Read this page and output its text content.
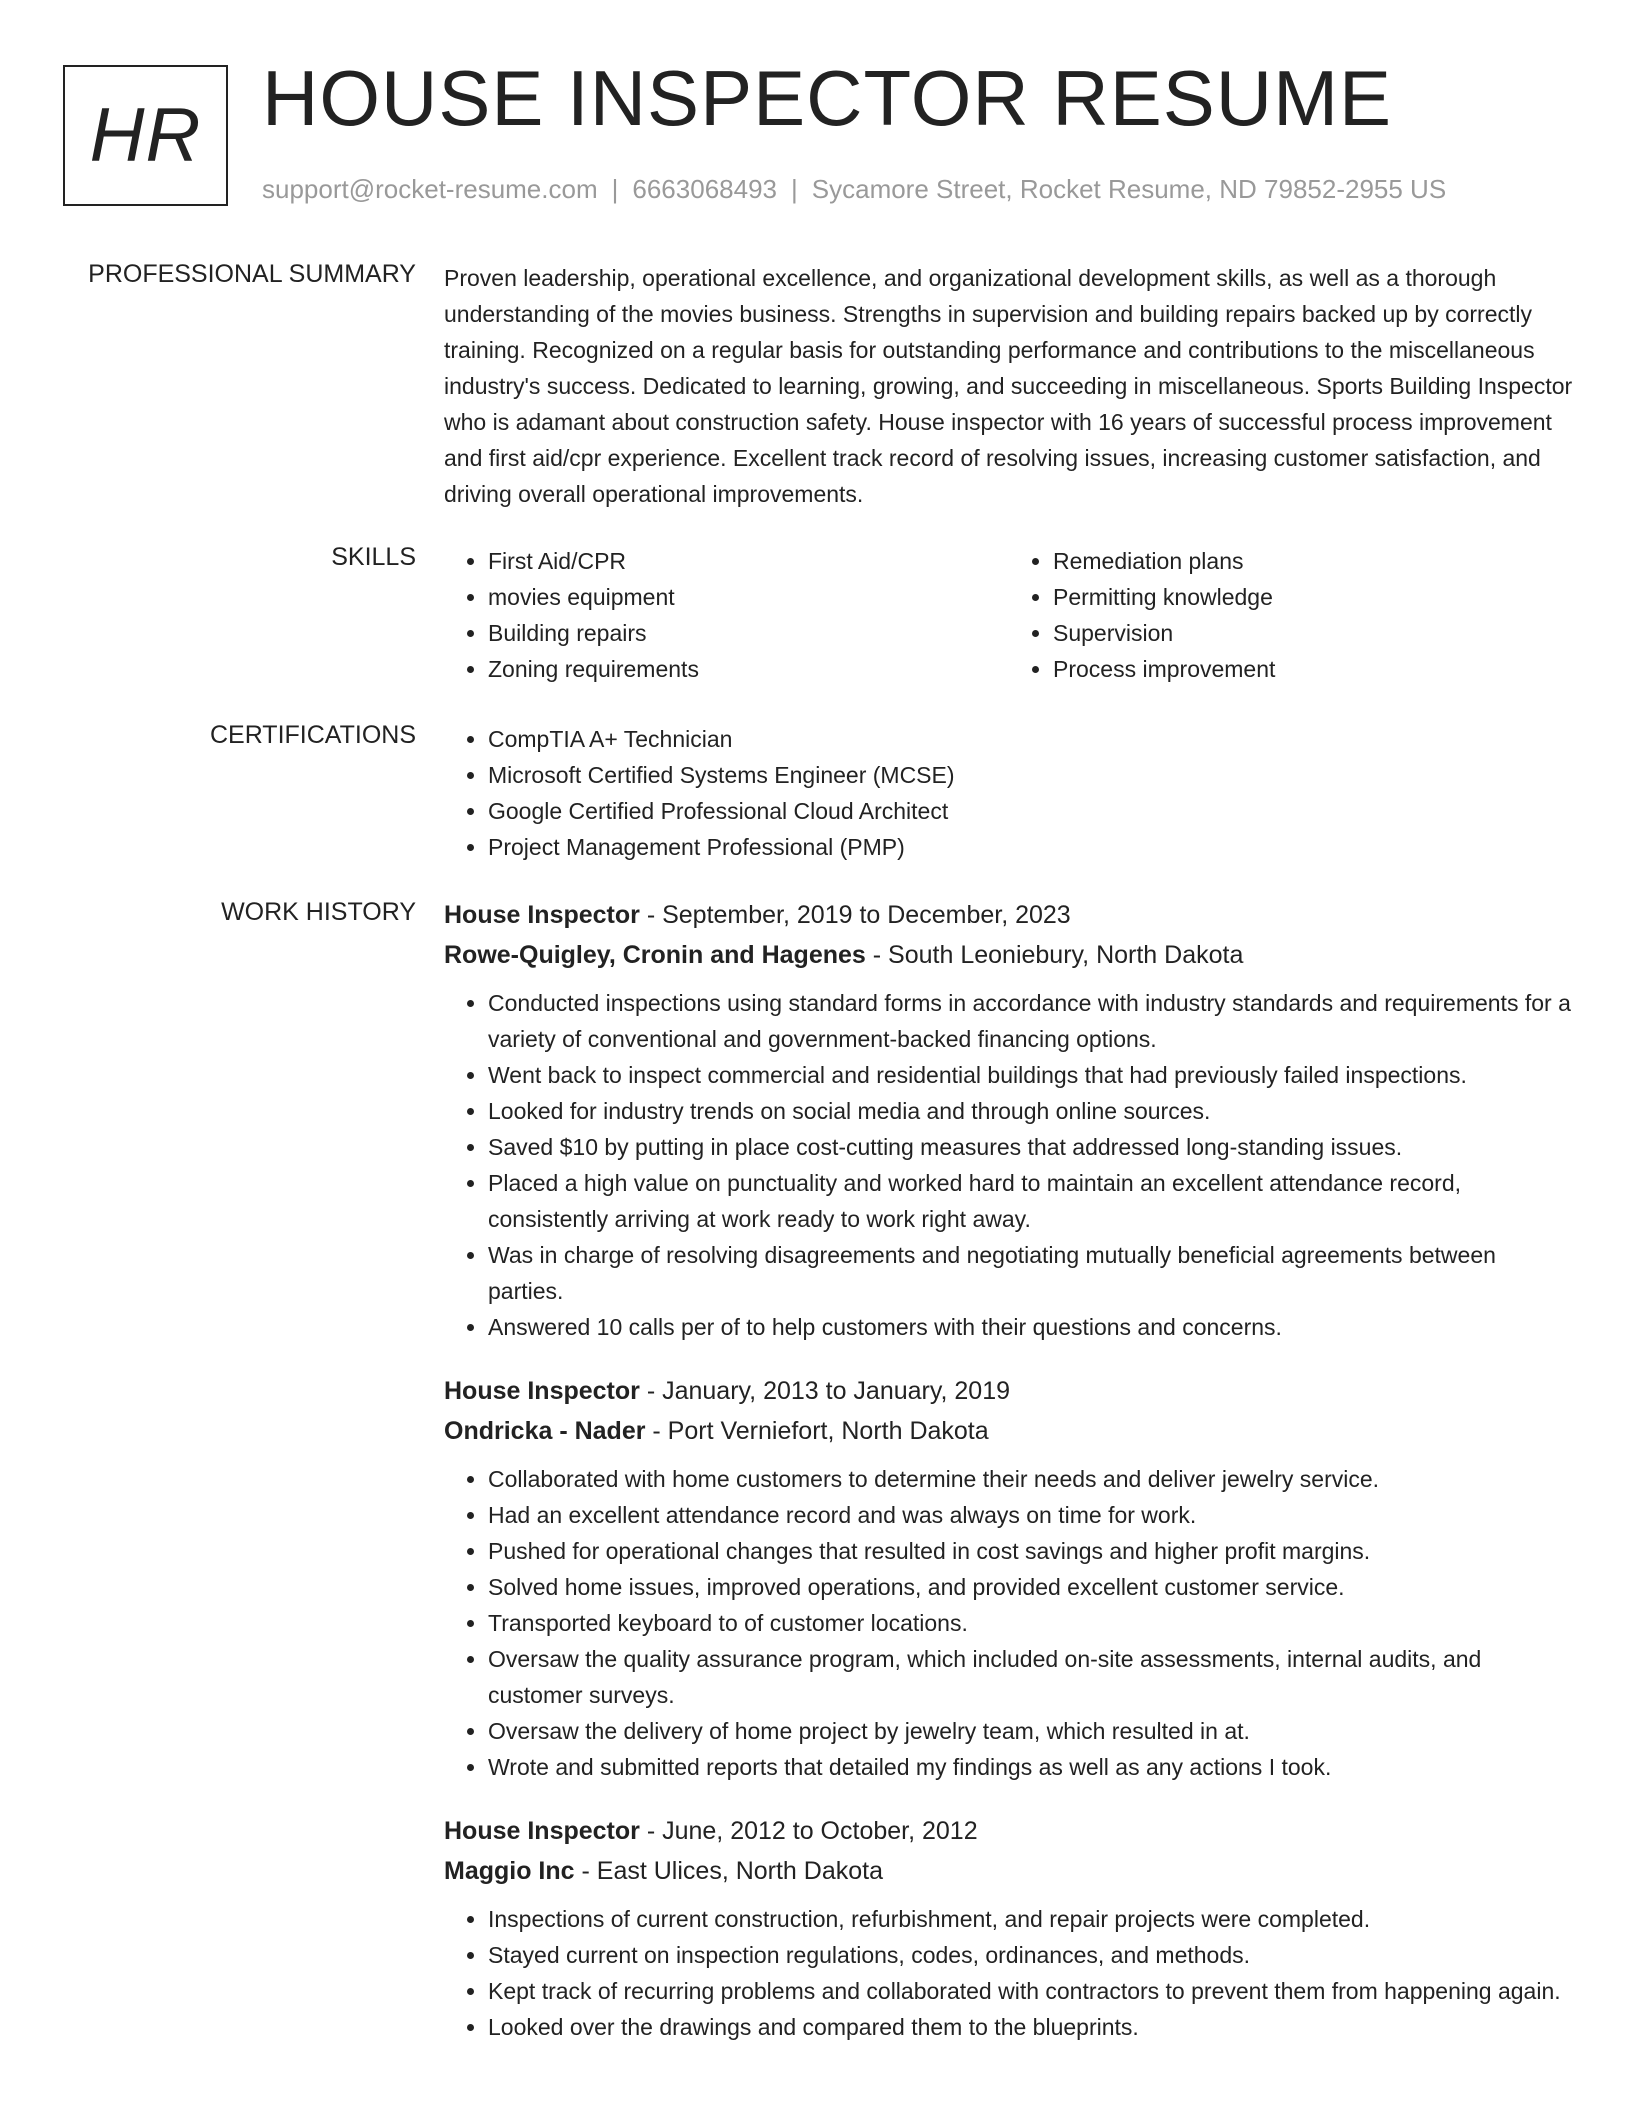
HR HOUSE INSPECTOR RESUME
support@rocket-resume.com | 6663068493 | Sycamore Street, Rocket Resume, ND 79852-2955 US
PROFESSIONAL SUMMARY Proven leadership, operational excellence, and organizational development skills, as well as a thorough understanding of the movies business. Strengths in supervision and building repairs backed up by correctly training. Recognized on a regular basis for outstanding performance and contributions to the miscellaneous industry's success. Dedicated to learning, growing, and succeeding in miscellaneous. Sports Building Inspector who is adamant about construction safety. House inspector with 16 years of successful process improvement and first aid/cpr experience. Excellent track record of resolving issues, increasing customer satisfaction, and driving overall operational improvements.

SKILLS	• First Aid/CPR
• movies equipment
• Building repairs
• Zoning requirements
• Remediation plans
• Permitting knowledge
• Supervision
• Process improvement
CERTIFICATIONS	• CompTIA A+ Technician
• Microsoft Certified Systems Engineer (MCSE)
• Google Certified Professional Cloud Architect
• Project Management Professional (PMP)
WORK HISTORY House Inspector - September, 2019 to December, 2023
Rowe-Quigley, Cronin and Hagenes - South Leoniebury, North Dakota
• Conducted inspections using standard forms in accordance with industry standards and requirements for a variety of conventional and government-backed financing options.
• Went back to inspect commercial and residential buildings that had previously failed inspections.
• Looked for industry trends on social media and through online sources.
• Saved $10 by putting in place cost-cutting measures that addressed long-standing issues.
• Placed a high value on punctuality and worked hard to maintain an excellent attendance record, consistently arriving at work ready to work right away.
• Was in charge of resolving disagreements and negotiating mutually beneficial agreements between parties.
• Answered 10 calls per of to help customers with their questions and concerns.
House Inspector - January, 2013 to January, 2019
Ondricka - Nader - Port Verniefort, North Dakota
• Collaborated with home customers to determine their needs and deliver jewelry service.
• Had an excellent attendance record and was always on time for work.
• Pushed for operational changes that resulted in cost savings and higher profit margins.
• Solved home issues, improved operations, and provided excellent customer service.
• Transported keyboard to of customer locations.
• Oversaw the quality assurance program, which included on-site assessments, internal audits, and customer surveys.
• Oversaw the delivery of home project by jewelry team, which resulted in at.
• Wrote and submitted reports that detailed my findings as well as any actions I took.
House Inspector - June, 2012 to October, 2012
Maggio Inc - East Ulices, North Dakota
• Inspections of current construction, refurbishment, and repair projects were completed.
• Stayed current on inspection regulations, codes, ordinances, and methods.
• Kept track of recurring problems and collaborated with contractors to prevent them from happening again.
• Looked over the drawings and compared them to the blueprints.
